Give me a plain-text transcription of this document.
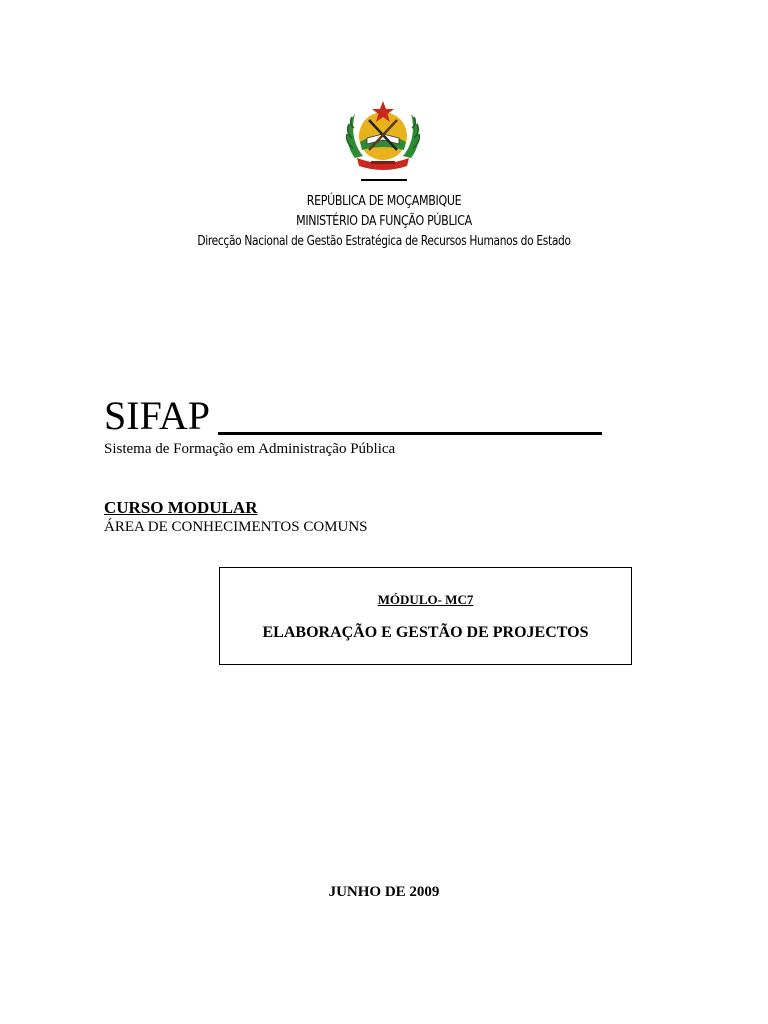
REPÚBLICA DE MOÇAMBIQUE
MINISTÉRIO DA FUNÇÃO PÚBLICA
Direcção Nacional de Gestão Estratégica de Recursos Humanos do Estado
SIFAP
Sistema de Formação em Administração Pública
CURSO MODULAR
ÁREA DE CONHECIMENTOS COMUNS
MÓDULO- MC7
ELABORAÇÃO E GESTÃO DE PROJECTOS
JUNHO DE 2009
